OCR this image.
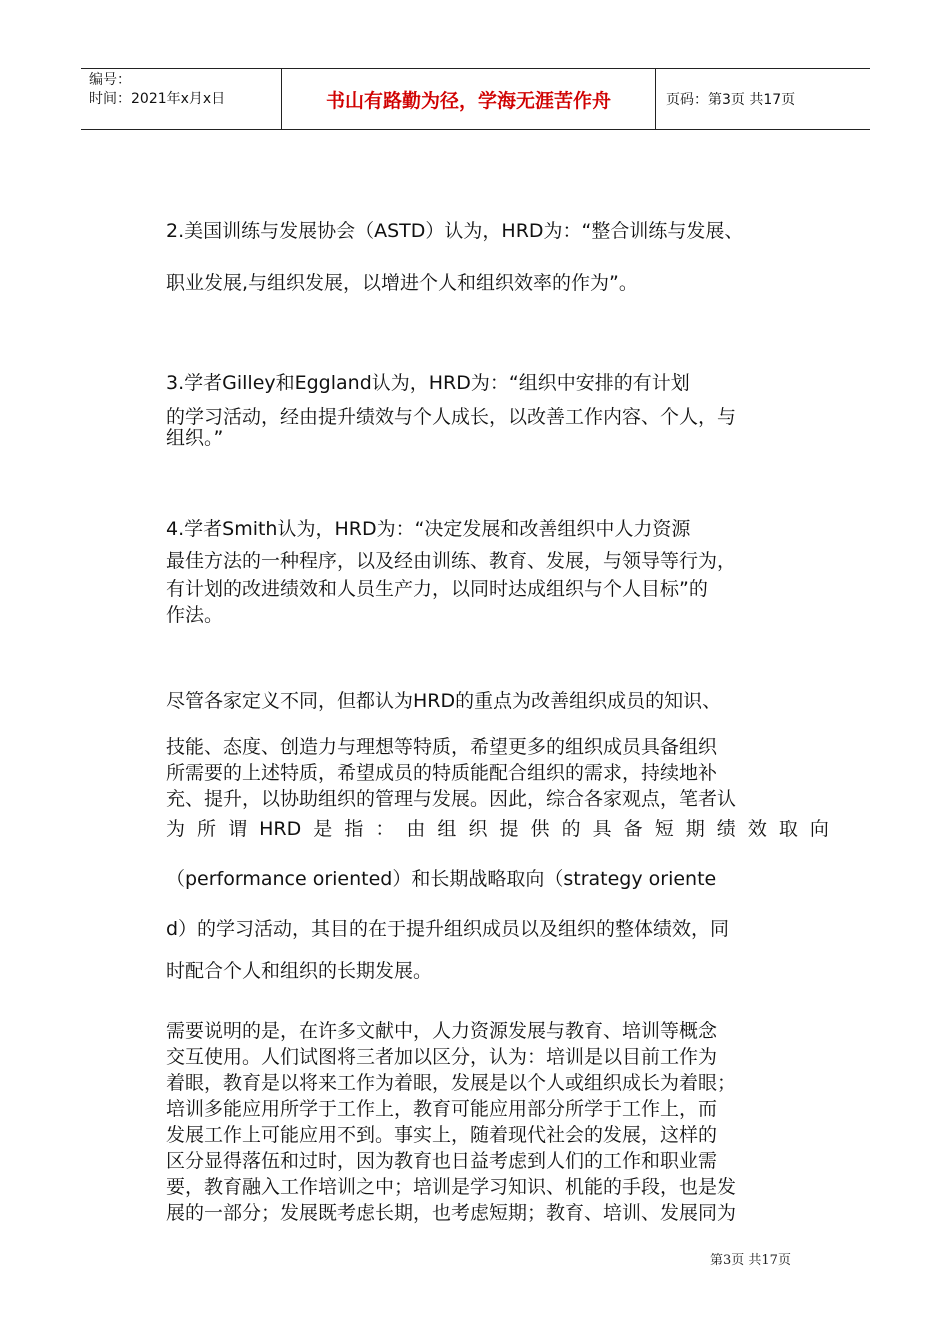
编号：
时间：2021年x月x日	书山有路勤为径，学海无涯苦作舟	页码：第3页 共17页
2.美国训练与发展协会（ASTD）认为，HRD为：“整合训练与发展、
职业发展,与组织发展，以增进个人和组织效率的作为”。
3.学者Gilley和Eggland认为，HRD为：“组织中安排的有计划
的学习活动，经由提升绩效与个人成长，以改善工作内容、个人，与
组织。”
4.学者Smith认为，HRD为：“决定发展和改善组织中人力资源
最佳方法的一种程序，以及经由训练、教育、发展，与领导等行为，
有计划的改进绩效和人员生产力，以同时达成组织与个人目标”的
作法。
尽管各家定义不同，但都认为HRD的重点为改善组织成员的知识、
技能、态度、创造力与理想等特质，希望更多的组织成员具备组织
所需要的上述特质，希望成员的特质能配合组织的需求，持续地补
充、提升，以协助组织的管理与发展。因此，综合各家观点，笔者认
为 所 谓 HRD 是 指 ： 由 组 织 提 供 的 具 备 短 期 绩 效 取 向
（performance oriented）和长期战略取向（strategy oriente
d）的学习活动，其目的在于提升组织成员以及组织的整体绩效，同
时配合个人和组织的长期发展。
需要说明的是，在许多文献中，人力资源发展与教育、培训等概念
交互使用。人们试图将三者加以区分，认为：培训是以目前工作为
着眼，教育是以将来工作为着眼，发展是以个人或组织成长为着眼；
培训多能应用所学于工作上，教育可能应用部分所学于工作上，而
发展工作上可能应用不到。事实上，随着现代社会的发展，这样的
区分显得落伍和过时，因为教育也日益考虑到人们的工作和职业需
要，教育融入工作培训之中；培训是学习知识、机能的手段，也是发
展的一部分；发展既考虑长期，也考虑短期；教育、培训、发展同为
第3页 共17页
